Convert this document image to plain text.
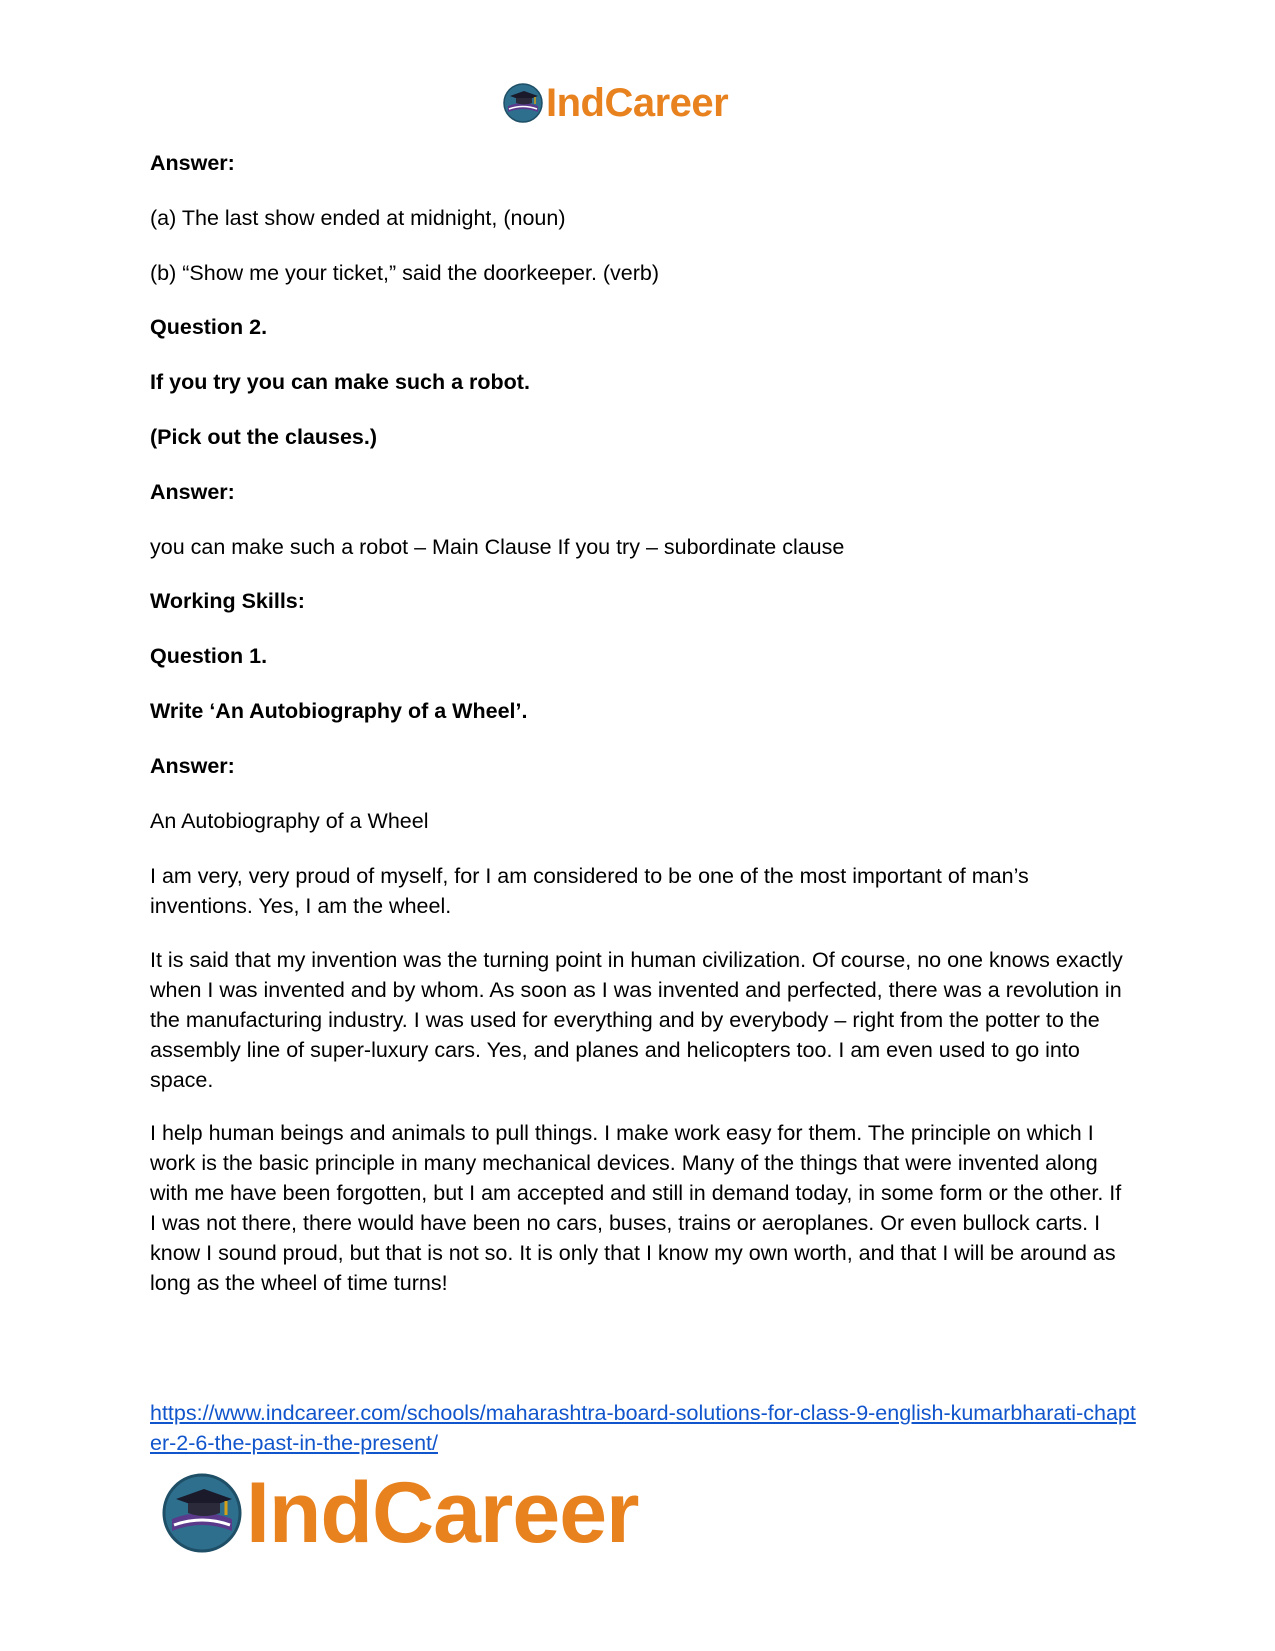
IndCareer

Answer:

(a) The last show ended at midnight, (noun)

(b) “Show me your ticket,” said the doorkeeper. (verb)

Question 2.

If you try you can make such a robot.

(Pick out the clauses.)

Answer:

you can make such a robot – Main Clause If you try – subordinate clause

Working Skills:

Question 1.

Write ‘An Autobiography of a Wheel’.

Answer:

An Autobiography of a Wheel

I am very, very proud of myself, for I am considered to be one of the most important of man’s inventions. Yes, I am the wheel.

It is said that my invention was the turning point in human civilization. Of course, no one knows exactly when I was invented and by whom. As soon as I was invented and perfected, there was a revolution in the manufacturing industry. I was used for everything and by everybody – right from the potter to the assembly line of super-luxury cars. Yes, and planes and helicopters too. I am even used to go into space.

I help human beings and animals to pull things. I make work easy for them. The principle on which I work is the basic principle in many mechanical devices. Many of the things that were invented along with me have been forgotten, but I am accepted and still in demand today, in some form or the other. If I was not there, there would have been no cars, buses, trains or aeroplanes. Or even bullock carts. I know I sound proud, but that is not so. It is only that I know my own worth, and that I will be around as long as the wheel of time turns!

https://www.indcareer.com/schools/maharashtra-board-solutions-for-class-9-english-kumarbharati-chapter-2-6-the-past-in-the-present/
IndCareer
